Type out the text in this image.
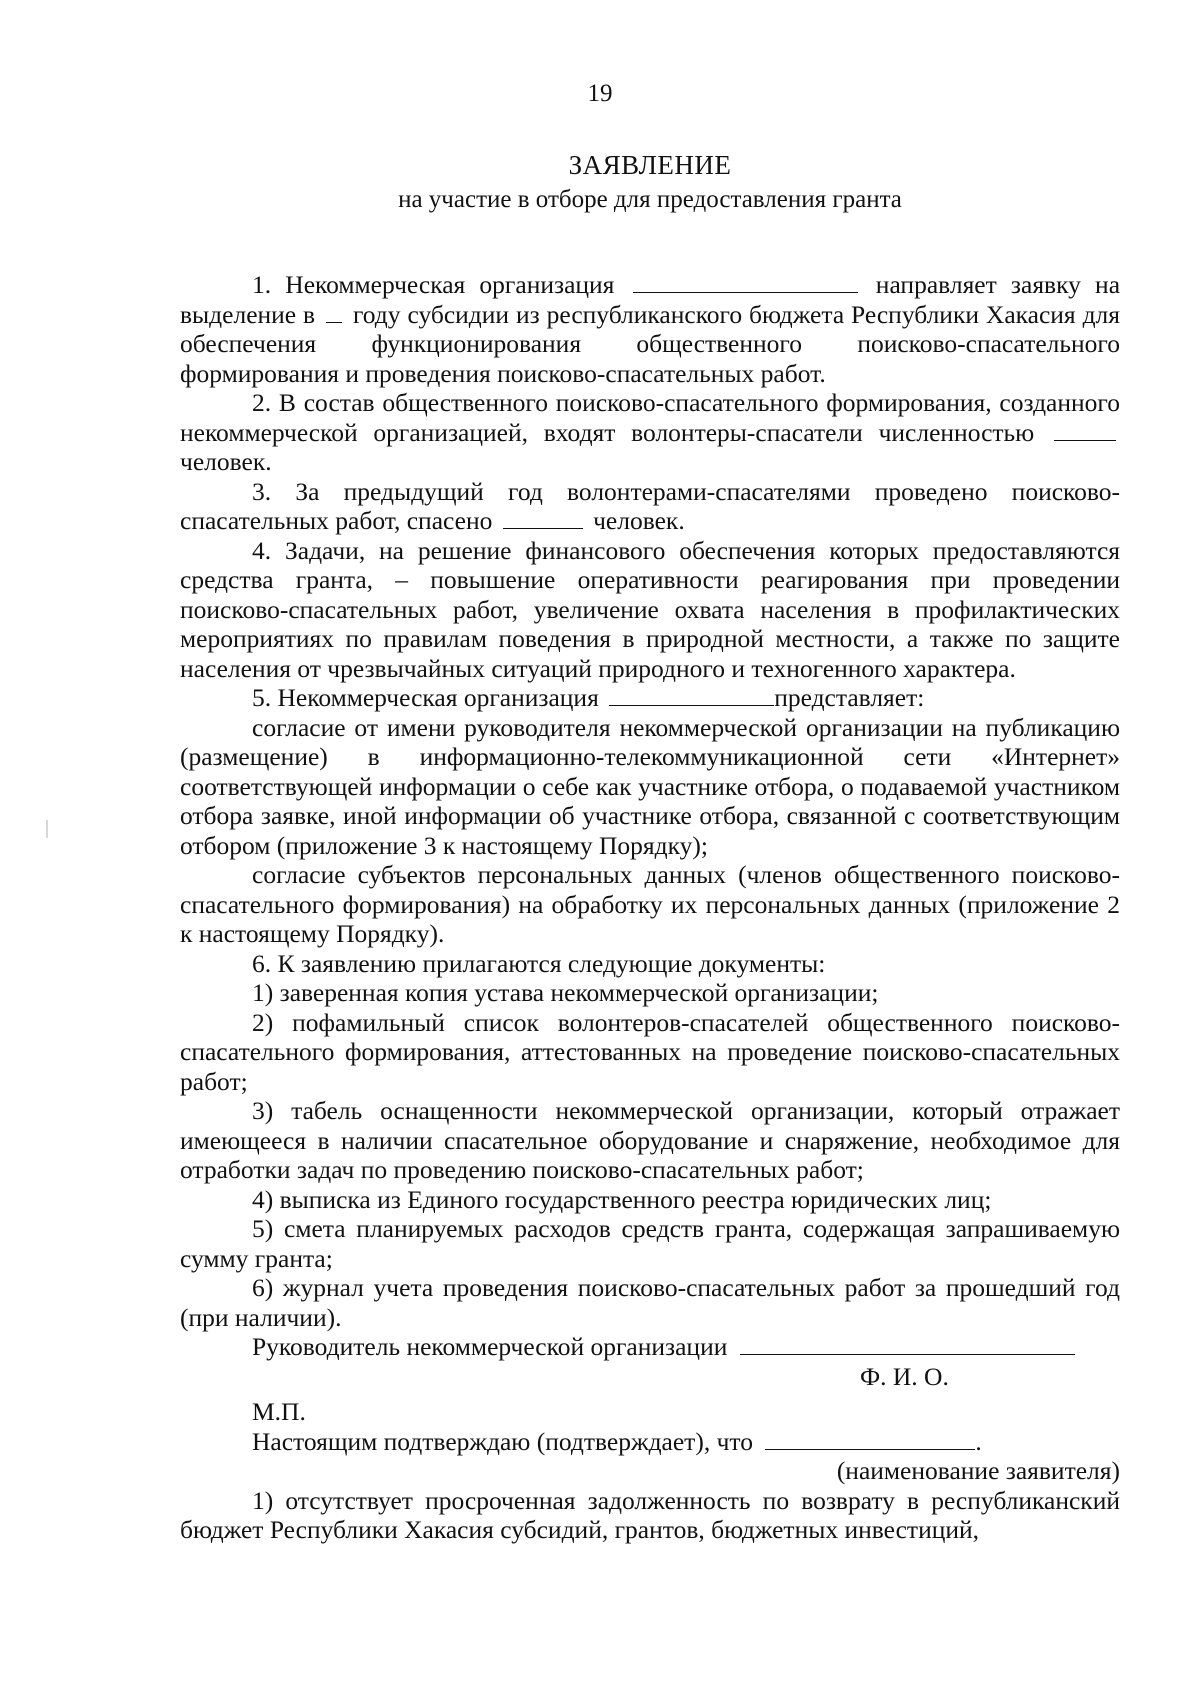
19
ЗАЯВЛЕНИЕ
на участие в отборе для предоставления гранта

1. Некоммерческая организация	направляет заявку на выделение в году субсидии из республиканского бюджета Республики Хакасия для обеспечения функционирования общественного поисково-спасательного формирования и проведения поисково-спасательных работ.

2. В состав общественного поисково-спасательного формирования, созданного некоммерческой организацией, входят волонтеры-спасатели численностью  человек.

3. За предыдущий год волонтерами-спасателями проведено поисково-спасательных работ, спасено	человек.

4. Задачи, на решение финансового обеспечения которых предоставляются средства гранта, – повышение оперативности реагирования при проведении поисково-спасательных работ, увеличение охвата населения в профилактических мероприятиях по правилам поведения в природной местности, а также по защите населения от чрезвычайных ситуаций природного и техногенного характера.

5. Некоммерческая организация	представляет:

согласие от имени руководителя некоммерческой организации на публикацию (размещение) в информационно-телекоммуникационной сети «Интернет» соответствующей информации о себе как участнике отбора, о подаваемой участником отбора заявке, иной информации об участнике отбора, связанной с соответствующим отбором (приложение 3 к настоящему Порядку);

согласие субъектов персональных данных (членов общественного поисково-спасательного формирования) на обработку их персональных данных (приложение 2 к настоящему Порядку).

6. К заявлению прилагаются следующие документы:

1) заверенная копия устава некоммерческой организации;

2) пофамильный список волонтеров-спасателей общественного поисково-спасательного формирования, аттестованных на проведение поисково-спасательных работ;

3) табель оснащенности некоммерческой организации, который отражает имеющееся в наличии спасательное оборудование и снаряжение, необходимое для отработки задач по проведению поисково-спасательных работ;

4) выписка из Единого государственного реестра юридических лиц;

5) смета планируемых расходов средств гранта, содержащая запрашиваемую сумму гранта;

6) журнал учета проведения поисково-спасательных работ за прошедший год (при наличии).

Руководитель некоммерческой организации

Ф. И. О.

М.П.

Настоящим подтверждаю (подтверждает), что	.

(наименование заявителя)

1) отсутствует просроченная задолженность по возврату в республиканский бюджет Республики Хакасия субсидий, грантов, бюджетных инвестиций,
